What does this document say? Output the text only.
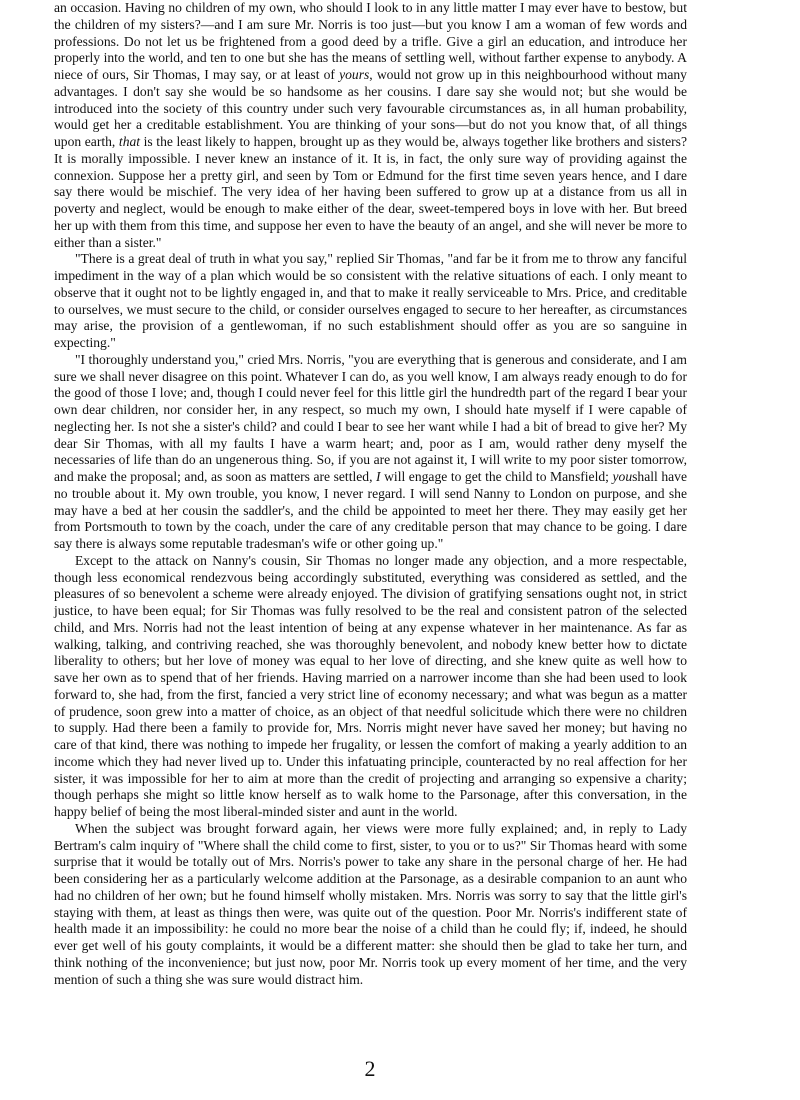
an occasion. Having no children of my own, who should I look to in any little matter I may ever have to bestow, but the children of my sisters?—and I am sure Mr. Norris is too just—but you know I am a woman of few words and professions. Do not let us be frightened from a good deed by a trifle. Give a girl an education, and introduce her properly into the world, and ten to one but she has the means of settling well, without farther expense to anybody. A niece of ours, Sir Thomas, I may say, or at least of yours, would not grow up in this neighbourhood without many advantages. I don't say she would be so handsome as her cousins. I dare say she would not; but she would be introduced into the society of this country under such very favourable circumstances as, in all human probability, would get her a creditable establishment. You are thinking of your sons—but do not you know that, of all things upon earth, that is the least likely to happen, brought up as they would be, always together like brothers and sisters? It is morally impossible. I never knew an instance of it. It is, in fact, the only sure way of providing against the connexion. Suppose her a pretty girl, and seen by Tom or Edmund for the first time seven years hence, and I dare say there would be mischief. The very idea of her having been suffered to grow up at a distance from us all in poverty and neglect, would be enough to make either of the dear, sweet-tempered boys in love with her. But breed her up with them from this time, and suppose her even to have the beauty of an angel, and she will never be more to either than a sister."

"There is a great deal of truth in what you say," replied Sir Thomas, "and far be it from me to throw any fanciful impediment in the way of a plan which would be so consistent with the relative situations of each. I only meant to observe that it ought not to be lightly engaged in, and that to make it really serviceable to Mrs. Price, and creditable to ourselves, we must secure to the child, or consider ourselves engaged to secure to her hereafter, as circumstances may arise, the provision of a gentlewoman, if no such establishment should offer as you are so sanguine in expecting."

"I thoroughly understand you," cried Mrs. Norris, "you are everything that is generous and considerate, and I am sure we shall never disagree on this point. Whatever I can do, as you well know, I am always ready enough to do for the good of those I love; and, though I could never feel for this little girl the hundredth part of the regard I bear your own dear children, nor consider her, in any respect, so much my own, I should hate myself if I were capable of neglecting her. Is not she a sister's child? and could I bear to see her want while I had a bit of bread to give her? My dear Sir Thomas, with all my faults I have a warm heart; and, poor as I am, would rather deny myself the necessaries of life than do an ungenerous thing. So, if you are not against it, I will write to my poor sister tomorrow, and make the proposal; and, as soon as matters are settled, I will engage to get the child to Mansfield; youshall have no trouble about it. My own trouble, you know, I never regard. I will send Nanny to London on purpose, and she may have a bed at her cousin the saddler's, and the child be appointed to meet her there. They may easily get her from Portsmouth to town by the coach, under the care of any creditable person that may chance to be going. I dare say there is always some reputable tradesman's wife or other going up."

Except to the attack on Nanny's cousin, Sir Thomas no longer made any objection, and a more respectable, though less economical rendezvous being accordingly substituted, everything was considered as settled, and the pleasures of so benevolent a scheme were already enjoyed. The division of gratifying sensations ought not, in strict justice, to have been equal; for Sir Thomas was fully resolved to be the real and consistent patron of the selected child, and Mrs. Norris had not the least intention of being at any expense whatever in her maintenance. As far as walking, talking, and contriving reached, she was thoroughly benevolent, and nobody knew better how to dictate liberality to others; but her love of money was equal to her love of directing, and she knew quite as well how to save her own as to spend that of her friends. Having married on a narrower income than she had been used to look forward to, she had, from the first, fancied a very strict line of economy necessary; and what was begun as a matter of prudence, soon grew into a matter of choice, as an object of that needful solicitude which there were no children to supply. Had there been a family to provide for, Mrs. Norris might never have saved her money; but having no care of that kind, there was nothing to impede her frugality, or lessen the comfort of making a yearly addition to an income which they had never lived up to. Under this infatuating principle, counteracted by no real affection for her sister, it was impossible for her to aim at more than the credit of projecting and arranging so expensive a charity; though perhaps she might so little know herself as to walk home to the Parsonage, after this conversation, in the happy belief of being the most liberal-minded sister and aunt in the world.

When the subject was brought forward again, her views were more fully explained; and, in reply to Lady Bertram's calm inquiry of "Where shall the child come to first, sister, to you or to us?" Sir Thomas heard with some surprise that it would be totally out of Mrs. Norris's power to take any share in the personal charge of her. He had been considering her as a particularly welcome addition at the Parsonage, as a desirable companion to an aunt who had no children of her own; but he found himself wholly mistaken. Mrs. Norris was sorry to say that the little girl's staying with them, at least as things then were, was quite out of the question. Poor Mr. Norris's indifferent state of health made it an impossibility: he could no more bear the noise of a child than he could fly; if, indeed, he should ever get well of his gouty complaints, it would be a different matter: she should then be glad to take her turn, and think nothing of the inconvenience; but just now, poor Mr. Norris took up every moment of her time, and the very mention of such a thing she was sure would distract him.

2
